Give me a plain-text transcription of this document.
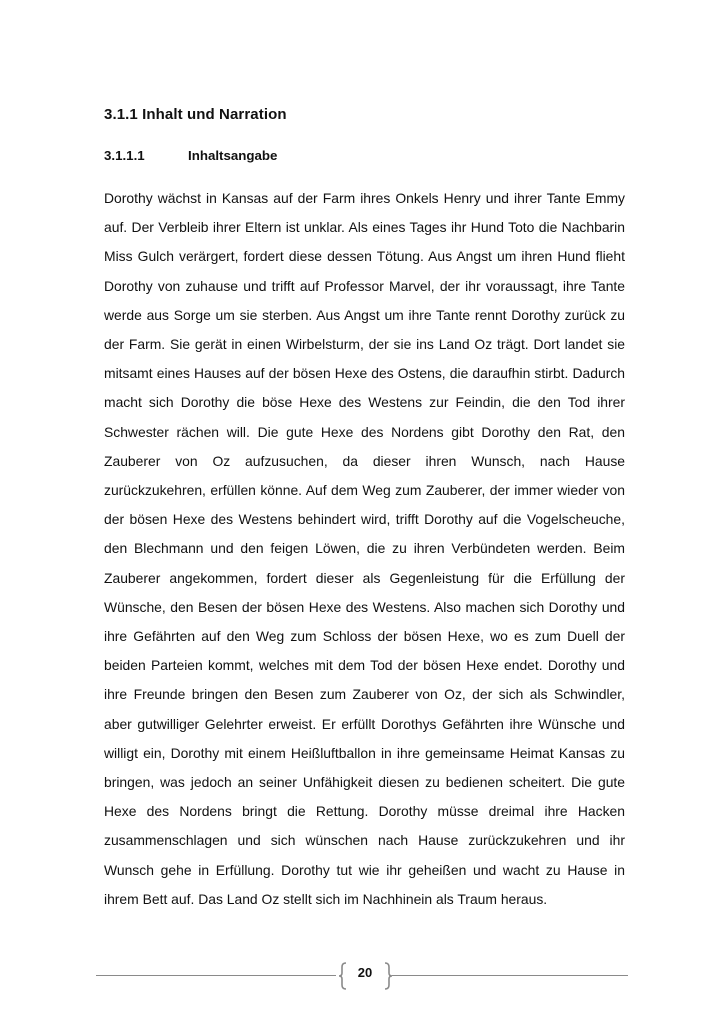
3.1.1 Inhalt und Narration
3.1.1.1	Inhaltsangabe

Dorothy wächst in Kansas auf der Farm ihres Onkels Henry und ihrer Tante Emmy auf. Der Verbleib ihrer Eltern ist unklar. Als eines Tages ihr Hund Toto die Nachbarin Miss Gulch verärgert, fordert diese dessen Tötung. Aus Angst um ihren Hund flieht Dorothy von zuhause und trifft auf Professor Marvel, der ihr voraussagt, ihre Tante werde aus Sorge um sie sterben. Aus Angst um ihre Tante rennt Dorothy zurück zu der Farm. Sie gerät in einen Wirbelsturm, der sie ins Land Oz trägt. Dort landet sie mitsamt eines Hauses auf der bösen Hexe des Ostens, die daraufhin stirbt. Dadurch macht sich Dorothy die böse Hexe des Westens zur Feindin, die den Tod ihrer Schwester rächen will. Die gute Hexe des Nordens gibt Dorothy den Rat, den Zauberer von Oz aufzusuchen, da dieser ihren Wunsch, nach Hause zurückzukehren, erfüllen könne. Auf dem Weg zum Zauberer, der immer wieder von der bösen Hexe des Westens behindert wird, trifft Dorothy auf die Vogelscheuche, den Blechmann und den feigen Löwen, die zu ihren Verbündeten werden. Beim Zauberer angekommen, fordert dieser als Gegenleistung für die Erfüllung der Wünsche, den Besen der bösen Hexe des Westens. Also machen sich Dorothy und ihre Gefährten auf den Weg zum Schloss der bösen Hexe, wo es zum Duell der beiden Parteien kommt, welches mit dem Tod der bösen Hexe endet. Dorothy und ihre Freunde bringen den Besen zum Zauberer von Oz, der sich als Schwindler, aber gutwilliger Gelehrter erweist. Er erfüllt Dorothys Gefährten ihre Wünsche und willigt ein, Dorothy mit einem Heißluftballon in ihre gemeinsame Heimat Kansas zu bringen, was jedoch an seiner Unfähigkeit diesen zu bedienen scheitert. Die gute Hexe des Nordens bringt die Rettung. Dorothy müsse dreimal ihre Hacken zusammenschlagen und sich wünschen nach Hause zurückzukehren und ihr Wunsch gehe in Erfüllung. Dorothy tut wie ihr geheißen und wacht zu Hause in ihrem Bett auf. Das Land Oz stellt sich im Nachhinein als Traum heraus.

20
